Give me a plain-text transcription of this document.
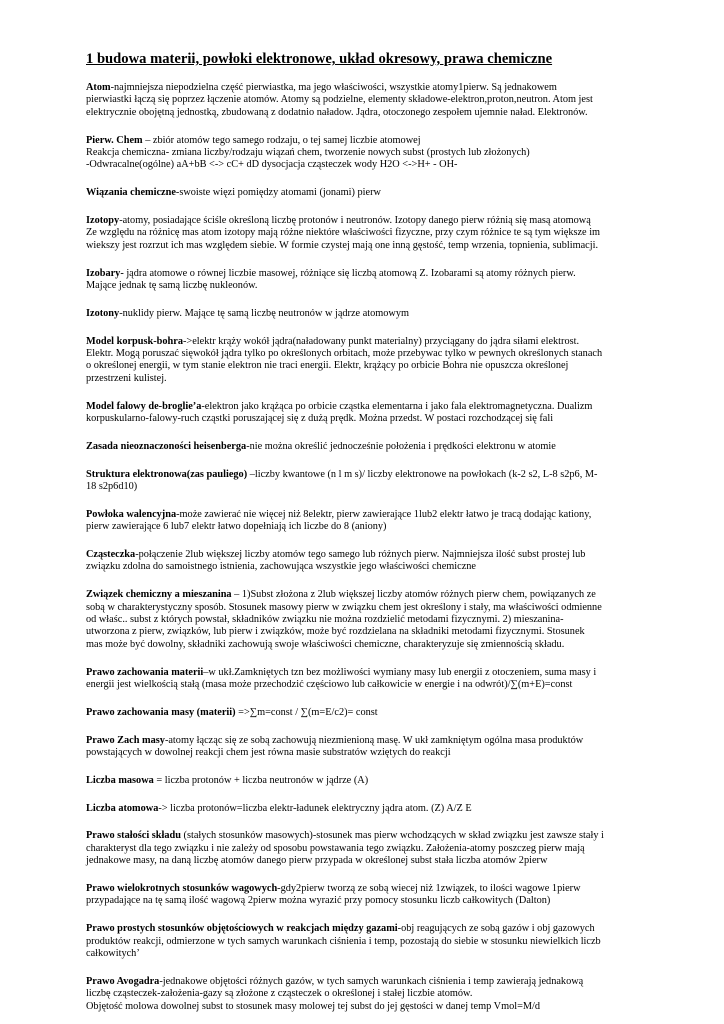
1 budowa materii, powłoki elektronowe, układ okresowy, prawa chemiczne
Atom-najmniejsza niepodzielna część pierwiastka, ma jego właściwości, wszystkie atomy1pierw. Są jednakowem
pierwiastki łączą się poprzez łączenie atomów. Atomy są podzielne, elementy składowe-elektron,proton,neutron. Atom jest
elektrycznie obojętną jednostką, zbudowaną z dodatnio naładow. Jądra, otoczonego zespołem ujemnie naład. Elektronów.
Pierw. Chem – zbiór atomów tego samego rodzaju, o tej samej liczbie atomowej
Reakcja chemiczna- zmiana liczby/rodzaju wiązań chem, tworzenie nowych subst (prostych lub złożonych)
-Odwracalne(ogólne) aA+bB <-> cC+ dD dysocjacja cząsteczek wody H2O <->H+ - OH-
Wiązania chemiczne-swoiste więzi pomiędzy atomami (jonami) pierw
Izotopy-atomy, posiadające ściśle określoną liczbę protonów i neutronów. Izotopy danego pierw różnią się masą atomową
Ze względu na różnicę mas atom izotopy mają różne niektóre właściwości fizyczne, przy czym różnice te są tym większe im
wiekszy jest rozrzut ich mas względem siebie. W formie czystej mają one inną gęstość, temp wrzenia, topnienia, sublimacji.
Izobary- jądra atomowe o równej liczbie masowej, różniące się liczbą atomową Z. Izobarami są atomy różnych pierw.
Mające jednak tę samą liczbę nukleonów.
Izotony-nuklidy pierw. Mające tę samą liczbę neutronów w jądrze atomowym
Model korpusk-bohra->elektr krąży wokół jądra(naładowany punkt materialny) przyciągany do jądra siłami elektrost.
Elektr. Mogą poruszać sięwokół jądra tylko po określonych orbitach, może przebywac tylko w pewnych określonych stanach
o określonej energii, w tym stanie elektron nie traci energii. Elektr, krążący po orbicie Bohra nie opuszcza określonej
przestrzeni kulistej.
Model falowy de-broglie’a-elektron jako krążąca po orbicie cząstka elementarna i jako fala elektromagnetyczna. Dualizm
korpuskularno-falowy-ruch cząstki poruszającej się z dużą prędk. Można przedst. W postaci rozchodzącej się fali
Zasada nieoznaczoności heisenberga-nie można określić jednocześnie położenia i prędkości elektronu w atomie
Struktura elektronowa(zas pauliego) –liczby kwantowe (n l m s)/ liczby elektronowe na powłokach (k-2 s2, L-8 s2p6, M-
18 s2p6d10)
Powłoka walencyjna-może zawierać nie więcej niż 8elektr, pierw zawierające 1lub2 elektr łatwo je tracą dodając kationy,
pierw zawierające 6 lub7 elektr łatwo dopełniają ich liczbe do 8 (aniony)
Cząsteczka-połączenie 2lub większej liczby atomów tego samego lub różnych pierw. Najmniejsza ilość subst prostej lub
związku zdolna do samoistnego istnienia, zachowująca wszystkie jego właściwości chemiczne
Związek chemiczny a mieszanina – 1)Subst złożona z 2lub większej liczby atomów różnych pierw chem, powiązanych ze
sobą w charakterystyczny sposób. Stosunek masowy pierw w związku chem jest określony i stały, ma właściwości odmienne
od właśc.. subst z których powstał, składników związku nie można rozdzielić metodami fizycznymi. 2) mieszanina-
utworzona z pierw, związków, lub pierw i związków, może być rozdzielana na składniki metodami fizycznymi. Stosunek
mas może być dowolny, składniki zachowują swoje właściwości chemiczne, charakteryzuje się zmiennością składu.
Prawo zachowania materii–w ukł.Zamkniętych tzn bez możliwości wymiany masy lub energii z otoczeniem, suma masy i
energii jest wielkością stałą (masa może przechodzić częściowo lub całkowicie w energie i na odwrót)/∑(m+E)=const
Prawo zachowania masy (materii) =>∑m=const / ∑(m=E/c2)= const
Prawo Zach masy-atomy łącząc się ze sobą zachowują niezmienioną masę. W ukł zamkniętym ogólna masa produktów
powstających w dowolnej reakcji chem jest równa masie substratów wziętych do reakcji
Liczba masowa = liczba protonów + liczba neutronów w jądrze (A)
Liczba atomowa-> liczba protonów=liczba elektr-ładunek elektryczny jądra atom. (Z) A/Z E
Prawo stałości składu (stałych stosunków masowych)-stosunek mas pierw wchodzących w skład związku jest zawsze stały i
charakteryst dla tego związku i nie zależy od sposobu powstawania tego związku. Założenia-atomy poszczeg pierw mają
jednakowe masy, na daną liczbę atomów danego pierw przypada w określonej subst stała liczba atomów 2pierw
Prawo wielokrotnych stosunków wagowych-gdy2pierw tworzą ze sobą wiecej niż 1związek, to ilości wagowe 1pierw
przypadające na tę samą ilość wagową 2pierw można wyrazić przy pomocy stosunku liczb całkowitych (Dalton)
Prawo prostych stosunków objętościowych w reakcjach między gazami-obj reagujących ze sobą gazów i obj gazowych
produktów reakcji, odmierzone w tych samych warunkach ciśnienia i temp, pozostają do siebie w stosunku niewielkich liczb
całkowitych’
Prawo Avogadra-jednakowe objętości różnych gazów, w tych samych warunkach ciśnienia i temp zawierają jednakową
liczbę cząsteczek-założenia-gazy są złożone z cząsteczek o określonej i stałej liczbie atomów.
Objętość molowa dowolnej subst to stosunek masy molowej tej subst do jej gęstości w danej temp Vmol=M/d
